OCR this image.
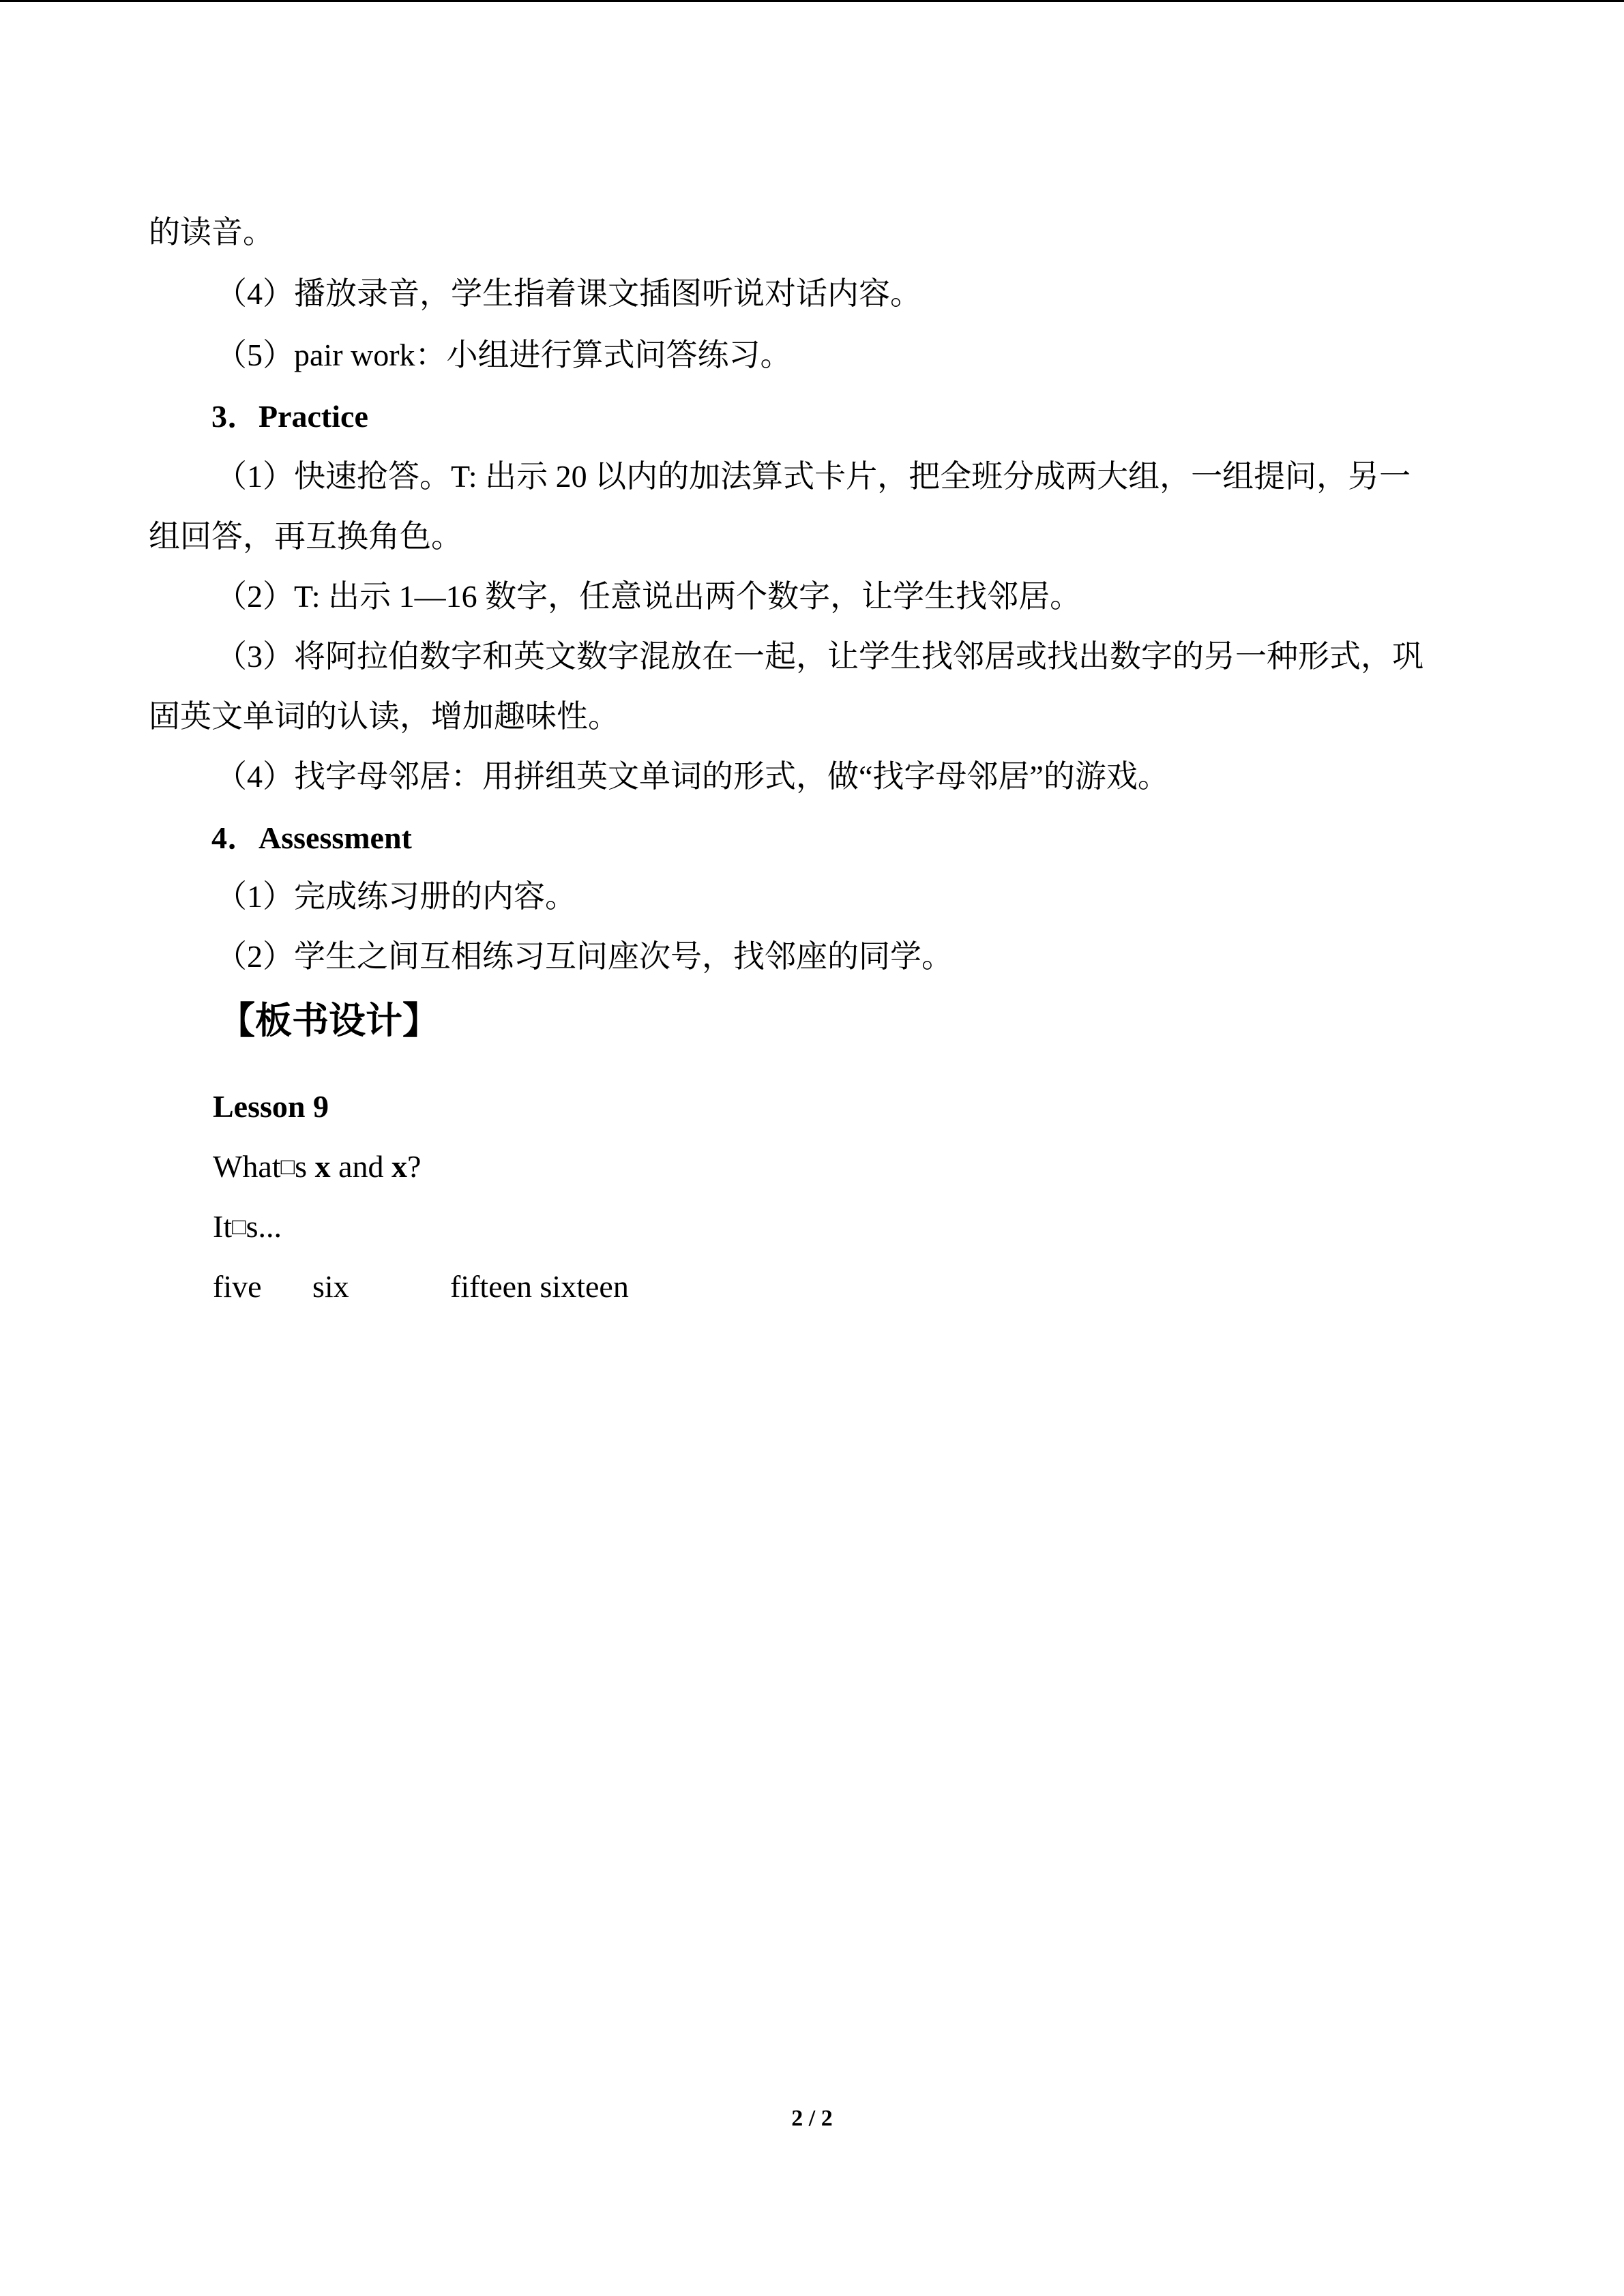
的读音。
（4）播放录音，学生指着课文插图听说对话内容。
（5）pair work：小组进行算式问答练习。
3．Practice
（1）快速抢答。T: 出示 20 以内的加法算式卡片，把全班分成两大组，一组提问，另一
组回答，再互换角色。
（2）T: 出示 1—16 数字，任意说出两个数字，让学生找邻居。
（3）将阿拉伯数字和英文数字混放在一起，让学生找邻居或找出数字的另一种形式，巩
固英文单词的认读，增加趣味性。
（4）找字母邻居：用拼组英文单词的形式，做“找字母邻居”的游戏。
4．Assessment
（1）完成练习册的内容。
（2）学生之间互相练习互问座次号，找邻座的同学。
【板书设计】
Lesson 9
What□s x and x?
It□s...
five six	fifteen sixteen
2 / 2
